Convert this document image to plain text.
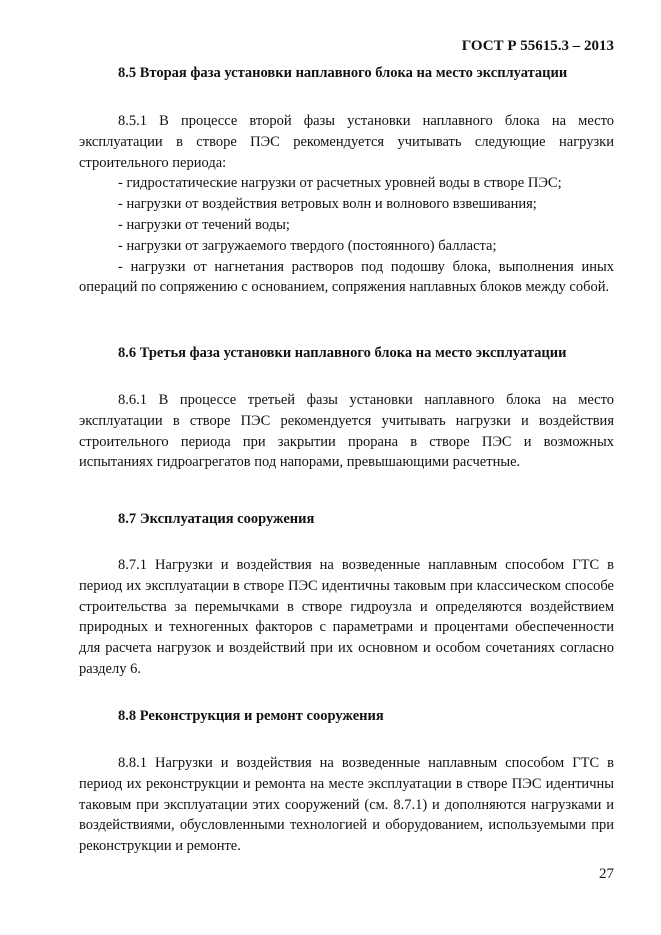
ГОСТ Р 55615.3 – 2013
8.5 Вторая фаза установки наплавного блока на место эксплуатации

8.5.1 В процессе второй фазы установки наплавного блока на место эксплуатации в створе ПЭС рекомендуется учитывать следующие нагрузки строительного периода:

- гидростатические нагрузки от расчетных уровней воды в створе ПЭС;

- нагрузки от воздействия ветровых волн и волнового взвешивания;

- нагрузки от течений воды;

- нагрузки от загружаемого твердого (постоянного) балласта;

- нагрузки от нагнетания растворов под подошву блока, выполнения иных операций по сопряжению с основанием, сопряжения наплавных блоков между собой.

8.6 Третья фаза установки наплавного блока на место эксплуатации

8.6.1 В процессе третьей фазы установки наплавного блока на место эксплуатации в створе ПЭС рекомендуется учитывать нагрузки и воздействия строительного периода при закрытии прорана в створе ПЭС и возможных испытаниях гидроагрегатов под напорами, превышающими расчетные.

8.7 Эксплуатация сооружения

8.7.1 Нагрузки и воздействия на возведенные наплавным способом ГТС в период их эксплуатации в створе ПЭС идентичны таковым при классическом способе строительства за перемычками в створе гидроузла и определяются воздействием природных и техногенных факторов с параметрами и процентами обеспеченности для расчета нагрузок и воздействий при их основном и особом сочетаниях согласно разделу 6.

8.8 Реконструкция и ремонт сооружения

8.8.1 Нагрузки и воздействия на возведенные наплавным способом ГТС в период их реконструкции и ремонта на месте эксплуатации в створе ПЭС идентичны таковым при эксплуатации этих сооружений (см. 8.7.1) и дополняются нагрузками и воздействиями, обусловленными технологией и оборудованием, используемыми при реконструкции и ремонте.

27
